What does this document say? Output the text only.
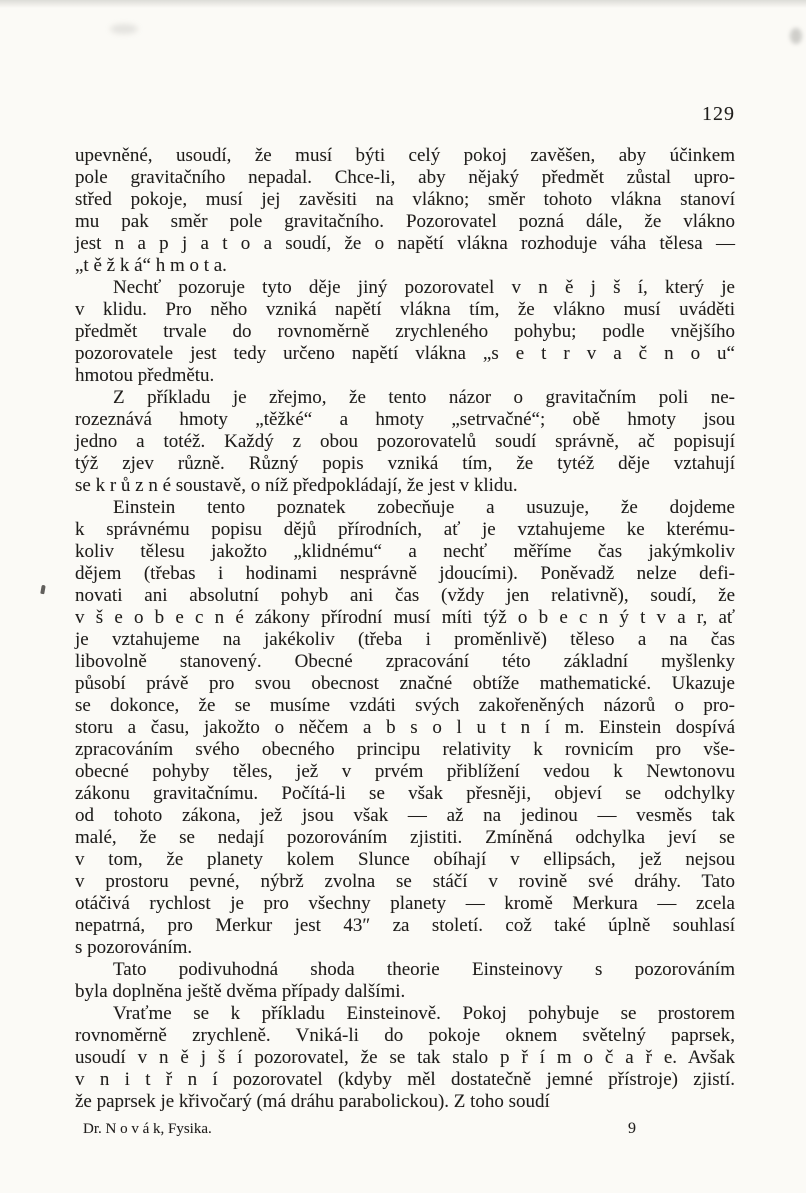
129
upevněné, usoudí, že musí býti celý pokoj zavěšen, aby účinkem
pole gravitačního nepadal. Chce-li, aby nějaký předmět zůstal upro-
střed pokoje, musí jej zavěsiti na vlákno; směr tohoto vlákna stanoví
mu pak směr pole gravitačního. Pozorovatel pozná dále, že vlákno
jest n a p j a t o a soudí, že o napětí vlákna rozhoduje váha tělesa —
„t ě ž k á“ h m o t a.
Nechť pozoruje tyto děje jiný pozorovatel v n ě j š í, který je
v klidu. Pro něho vzniká napětí vlákna tím, že vlákno musí uváděti
předmět trvale do rovnoměrně zrychleného pohybu; podle vnějšího
pozorovatele jest tedy určeno napětí vlákna „s e t r v a č n o u“
hmotou předmětu.
Z příkladu je zřejmo, že tento názor o gravitačním poli ne-
rozeznává hmoty „těžké“ a hmoty „setrvačné“; obě hmoty jsou
jedno a totéž. Každý z obou pozorovatelů soudí správně, ač popisují
týž zjev různě. Různý popis vzniká tím, že tytéž děje vztahují
se k r ů z n é soustavě, o níž předpokládají, že jest v klidu.
Einstein tento poznatek zobecňuje a usuzuje, že dojdeme
k správnému popisu dějů přírodních, ať je vztahujeme ke kterému-
koliv tělesu jakožto „klidnému“ a nechť měříme čas jakýmkoliv
dějem (třebas i hodinami nesprávně jdoucími). Poněvadž nelze defi-
novati ani absolutní pohyb ani čas (vždy jen relativně), soudí, že
v š e o b e c n é zákony přírodní musí míti týž o b e c n ý t v a r, ať
je vztahujeme na jakékoliv (třeba i proměnlivě) těleso a na čas
libovolně stanovený. Obecné zpracování této základní myšlenky
působí právě pro svou obecnost značné obtíže mathematické. Ukazuje
se dokonce, že se musíme vzdáti svých zakořeněných názorů o pro-
storu a času, jakožto o něčem a b s o l u t n í m. Einstein dospívá
zpracováním svého obecného principu relativity k rovnicím pro vše-
obecné pohyby těles, jež v prvém přiblížení vedou k Newtonovu
zákonu gravitačnímu. Počítá-li se však přesněji, objeví se odchylky
od tohoto zákona, jež jsou však — až na jedinou — vesměs tak
malé, že se nedají pozorováním zjistiti. Zmíněná odchylka jeví se
v tom, že planety kolem Slunce obíhají v ellipsách, jež nejsou
v prostoru pevné, nýbrž zvolna se stáčí v rovině své dráhy. Tato
otáčivá rychlost je pro všechny planety — kromě Merkura — zcela
nepatrná, pro Merkur jest 43″ za století. což také úplně souhlasí
s pozorováním.
Tato podivuhodná shoda theorie Einsteinovy s pozorováním
byla doplněna ještě dvěma případy dalšími.
Vraťme se k příkladu Einsteinově. Pokoj pohybuje se prostorem
rovnoměrně zrychleně. Vniká-li do pokoje oknem světelný paprsek,
usoudí v n ě j š í pozorovatel, že se tak stalo p ř í m o č a ř e. Avšak
v n i t ř n í pozorovatel (kdyby měl dostatečně jemné přístroje) zjistí.
že paprsek je křivočarý (má dráhu parabolickou). Z toho soudí
Dr. N o v á k, Fysika.	9
